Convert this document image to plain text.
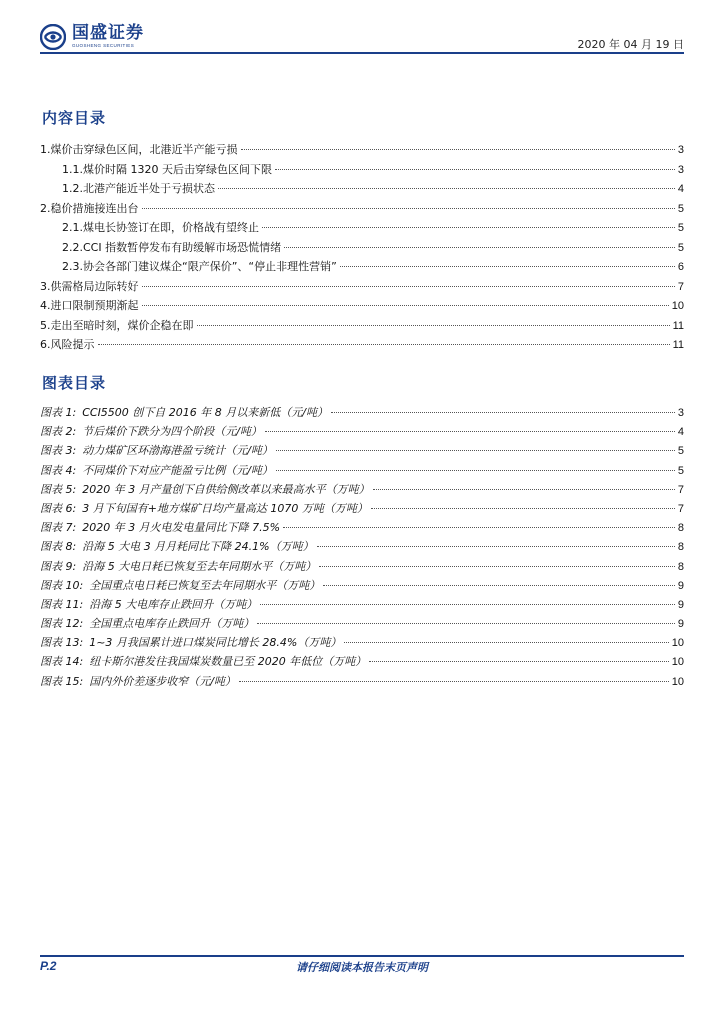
国盛证券
GUOSHENG SECURITIES	2020 年 04 月 19 日
内容目录
1.煤价击穿绿色区间，北港近半产能亏损	3
1.1.煤价时隔 1320 天后击穿绿色区间下限	3
1.2.北港产能近半处于亏损状态	4
2.稳价措施接连出台	5
2.1.煤电长协签订在即，价格战有望终止	5
2.2.CCI 指数暂停发布有助缓解市场恐慌情绪	5
2.3.协会各部门建议煤企“限产保价”、“停止非理性营销”	6
3.供需格局边际转好	7
4.进口限制预期渐起	10
5.走出至暗时刻，煤价企稳在即	11
6.风险提示	11
图表目录
图表 1: CCI5500 创下自 2016 年 8 月以来新低（元/吨）	3
图表 2: 节后煤价下跌分为四个阶段（元/吨）	4
图表 3: 动力煤矿区环渤海港盈亏统计（元/吨）	5
图表 4: 不同煤价下对应产能盈亏比例（元/吨）	5
图表 5: 2020 年 3 月产量创下自供给侧改革以来最高水平（万吨）	7
图表 6: 3 月下旬国有+地方煤矿日均产量高达 1070 万吨（万吨）	7
图表 7: 2020 年 3 月火电发电量同比下降 7.5%	8
图表 8: 沿海 5 大电 3 月月耗同比下降 24.1%（万吨）	8
图表 9: 沿海 5 大电日耗已恢复至去年同期水平（万吨）	8
图表 10: 全国重点电日耗已恢复至去年同期水平（万吨）	9
图表 11: 沿海 5 大电库存止跌回升（万吨）	9
图表 12: 全国重点电库存止跌回升（万吨）	9
图表 13: 1~3 月我国累计进口煤炭同比增长 28.4%（万吨）	10
图表 14: 纽卡斯尔港发往我国煤炭数量已至 2020 年低位（万吨）	10
图表 15: 国内外价差逐步收窄（元/吨）	10
P.2	请仔细阅读本报告末页声明
